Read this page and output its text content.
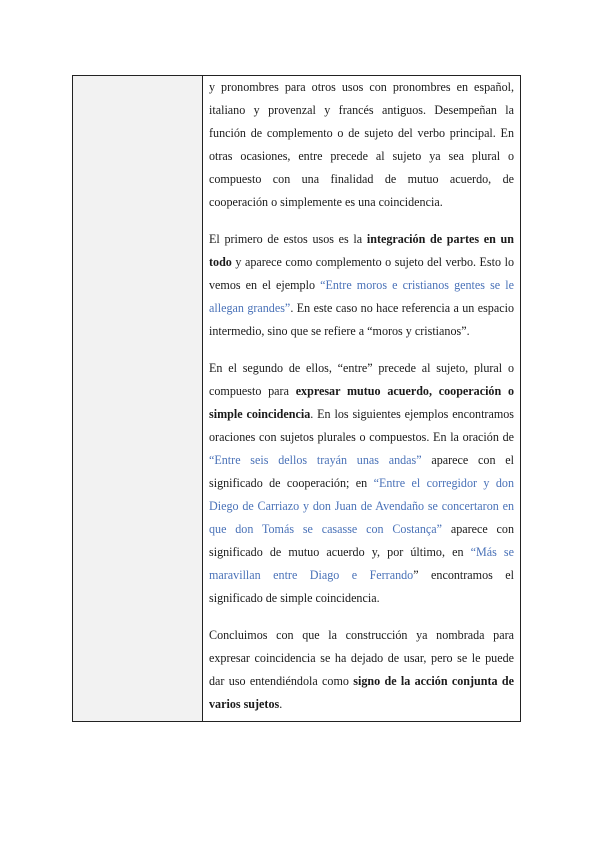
y pronombres para otros usos con pronombres en español, italiano y provenzal y francés antiguos. Desempeñan la función de complemento o de sujeto del verbo principal. En otras ocasiones, entre precede al sujeto ya sea plural o compuesto con una finalidad de mutuo acuerdo, de cooperación o simplemente es una coincidencia.

El primero de estos usos es la integración de partes en un todo y aparece como complemento o sujeto del verbo. Esto lo vemos en el ejemplo “Entre moros e cristianos gentes se le allegan grandes”. En este caso no hace referencia a un espacio intermedio, sino que se refiere a “moros y cristianos”.

En el segundo de ellos, “entre” precede al sujeto, plural o compuesto para expresar mutuo acuerdo, cooperación o simple coincidencia. En los siguientes ejemplos encontramos oraciones con sujetos plurales o compuestos. En la oración de “Entre seis dellos trayán unas andas” aparece con el significado de cooperación; en “Entre el corregidor y don Diego de Carriazo y don Juan de Avendaño se concertaron en que don Tomás se casasse con Costança” aparece con significado de mutuo acuerdo y, por último, en “Más se maravillan entre Diago e Ferrando” encontramos el significado de simple coincidencia.

Concluimos con que la construcción ya nombrada para expresar coincidencia se ha dejado de usar, pero se le puede dar uso entendiéndola como signo de la acción conjunta de varios sujetos.
